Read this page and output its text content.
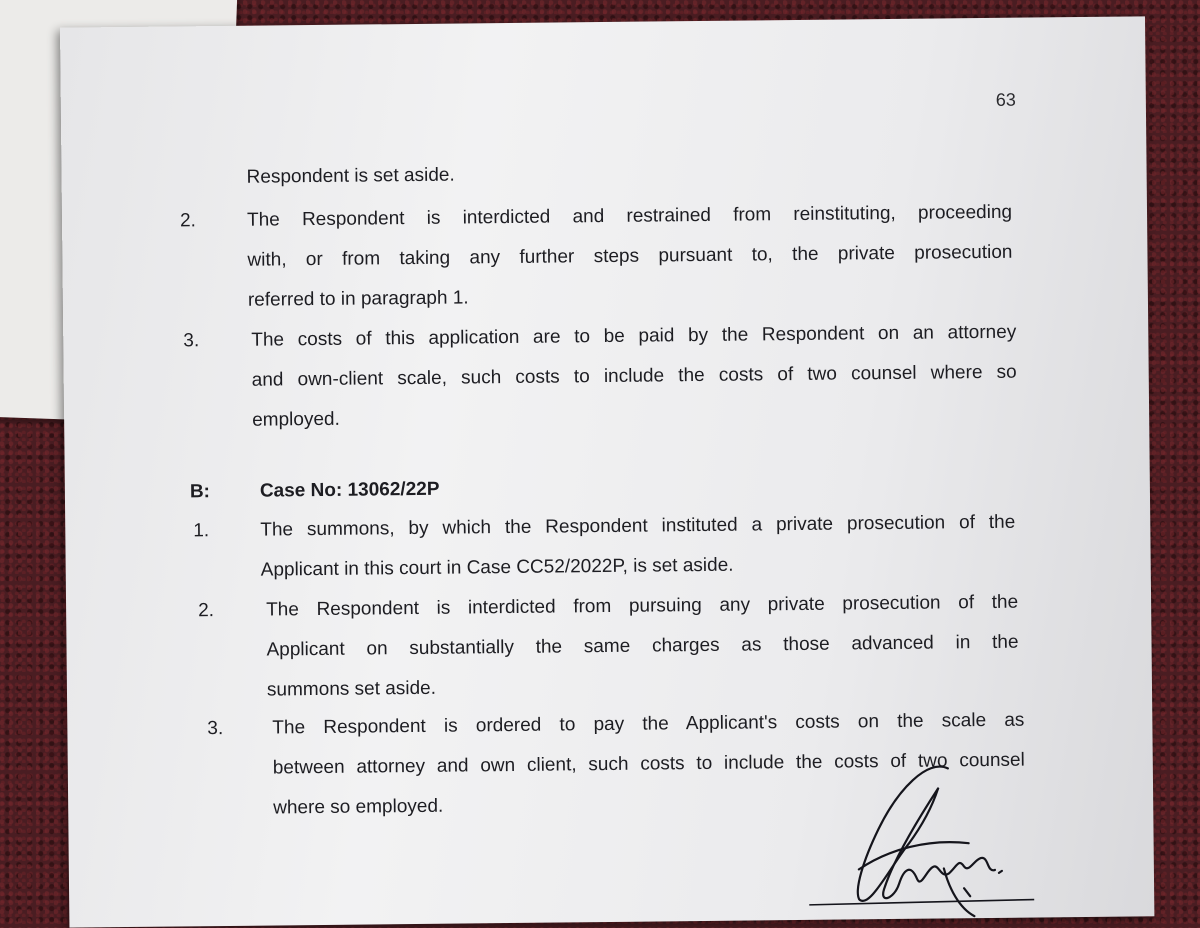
63
Respondent is set aside.
2.	The Respondent is interdicted and restrained from reinstituting, proceeding
with, or from taking any further steps pursuant to, the private prosecution
referred to in paragraph 1.
3.	The costs of this application are to be paid by the Respondent on an attorney
and own-client scale, such costs to include the costs of two counsel where so
employed.
B:	Case No: 13062/22P
1.	The summons, by which the Respondent instituted a private prosecution of the
Applicant in this court in Case CC52/2022P, is set aside.
2.	The Respondent is interdicted from pursuing any private prosecution of the
Applicant on substantially the same charges as those advanced in the
summons set aside.
3.	The Respondent is ordered to pay the Applicant's costs on the scale as
between attorney and own client, such costs to include the costs of two counsel
where so employed.
